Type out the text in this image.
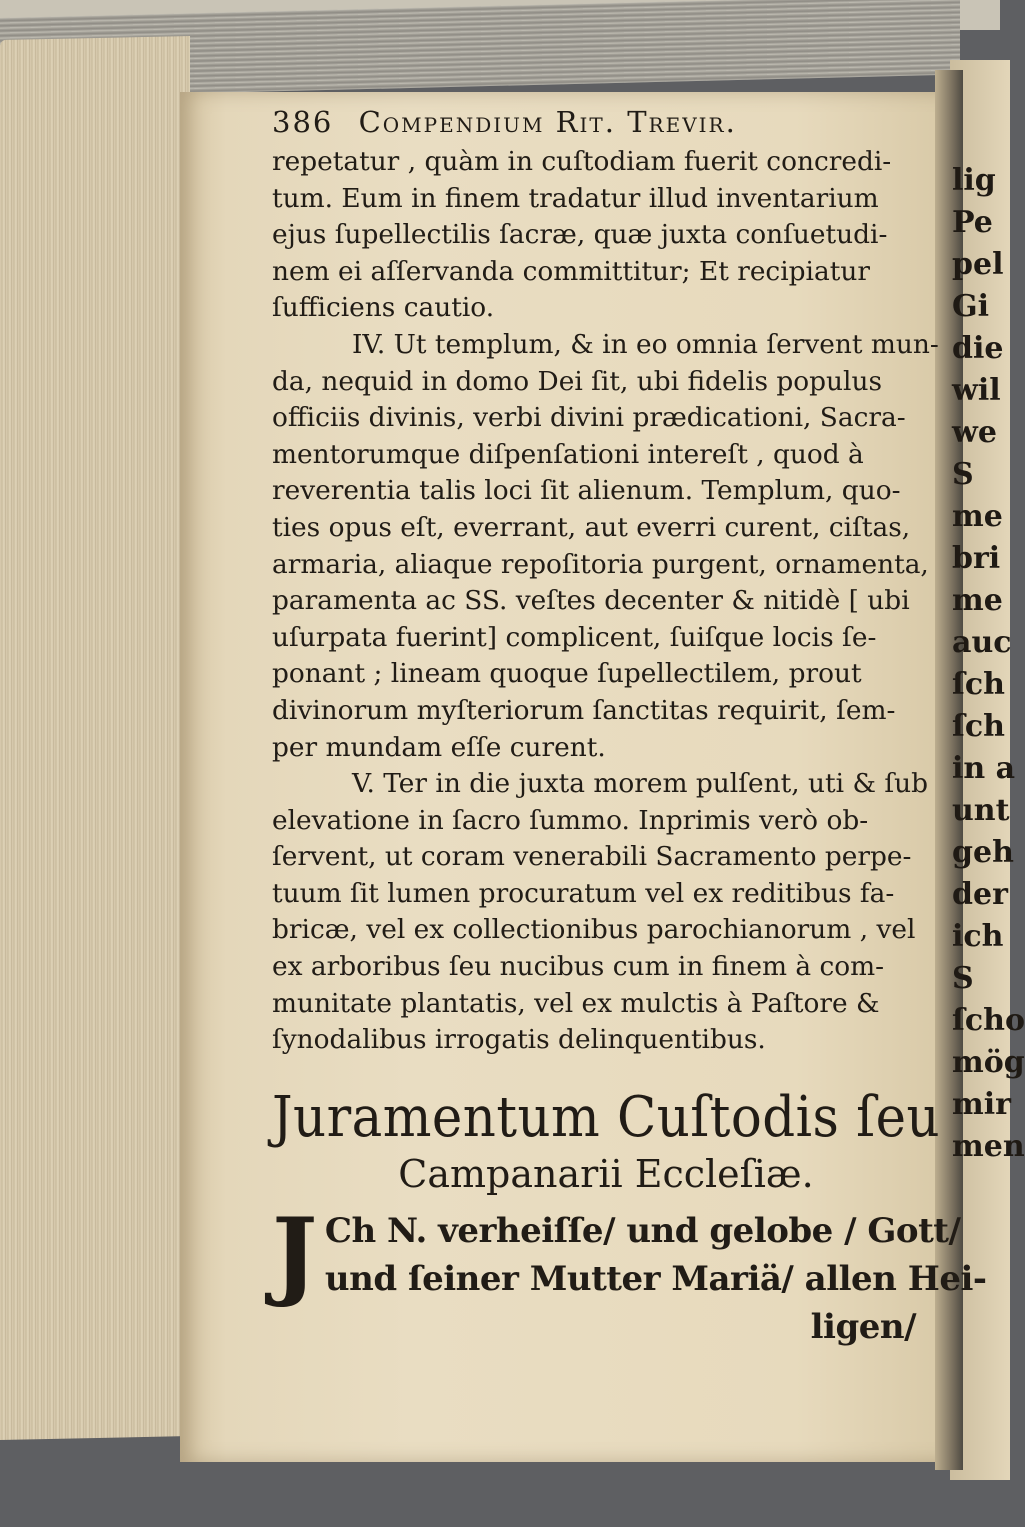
lig
Pe
pel
Gi
die
wil
we
S
me
bri
me
auc
ſch
ſch
in a
unt
geh
der
ich
S
ſcho
mög
mir
men
386 Compendium Rit. Trevir.

repetatur , quàm in cuſtodiam fuerit concredi-
tum. Eum in finem tradatur illud inventarium
ejus ſupellectilis ſacræ, quæ juxta conſuetudi-
nem ei aſſervanda committitur; Et recipiatur
ſufficiens cautio.

IV. Ut templum, & in eo omnia ſervent mun-
da, nequid in domo Dei ſit, ubi fidelis populus
officiis divinis, verbi divini prædicationi, Sacra-
mentorumque diſpenſationi intereſt , quod à
reverentia talis loci ſit alienum. Templum, quo-
ties opus eſt, everrant, aut everri curent, ciſtas,
armaria, aliaque repoſitoria purgent, ornamenta,
paramenta ac SS. veſtes decenter & nitidè [ ubi
uſurpata fuerint] complicent, ſuiſque locis ſe-
ponant ; lineam quoque ſupellectilem, prout
divinorum myſteriorum ſanctitas requirit, ſem-
per mundam eſſe curent.

V. Ter in die juxta morem pulſent, uti & ſub
elevatione in ſacro ſummo. Inprimis verò ob-
ſervent, ut coram venerabili Sacramento perpe-
tuum ſit lumen procuratum vel ex reditibus fa-
bricæ, vel ex collectionibus parochianorum , vel
ex arboribus ſeu nucibus cum in finem à com-
munitate plantatis, vel ex mulctis à Paſtore &
ſynodalibus irrogatis delinquentibus.

Juramentum Cuſtodis ſeu
Campanarii Eccleſiæ.
J Ch N. verheiſſe/ und gelobe / Gott/
und ſeiner Mutter Mariä/ allen Hei-
ligen/
